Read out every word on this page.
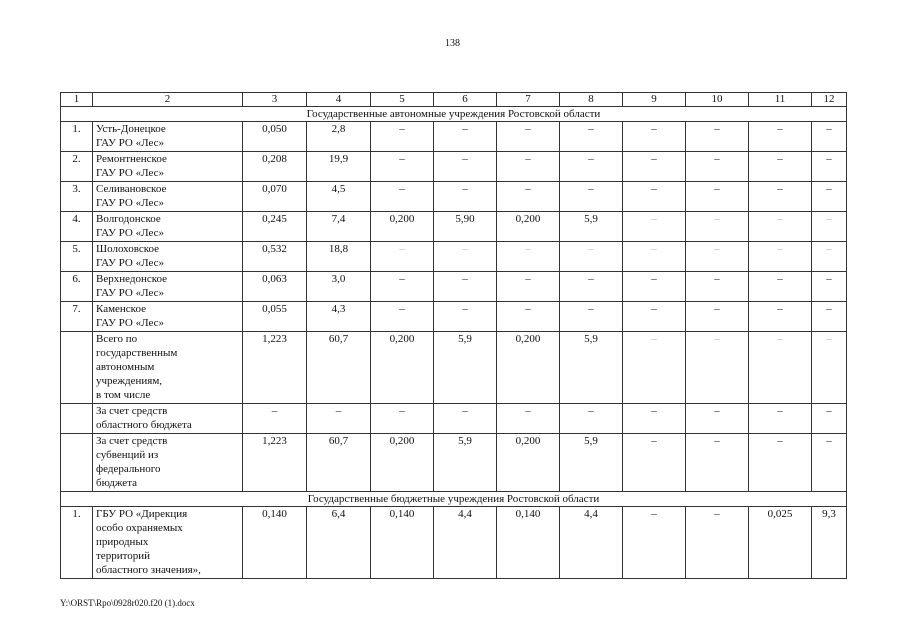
138
1	2	3	4	5	6	7	8	9	10	11	12
Государственные автономные учреждения Ростовской области											
1.	Усть-Донецкое
ГАУ РО «Лес»	0,050	2,8	–	–	–	–	–	–	–	–
2.	Ремонтненское
ГАУ РО «Лес»	0,208	19,9	–	–	–	–	–	–	–	–
3.	Селивановское
ГАУ РО «Лес»	0,070	4,5	–	–	–	–	–	–	–	–
4.	Волгодонское
ГАУ РО «Лес»	0,245	7,4	0,200	5,90	0,200	5,9	–	–	–	–
5.	Шолоховское
ГАУ РО «Лес»	0,532	18,8	–	–	–	–	–	–	–	–
6.	Верхнедонское
ГАУ РО «Лес»	0,063	3,0	–	–	–	–	–	–	–	–
7.	Каменское
ГАУ РО «Лес»	0,055	4,3	–	–	–	–	–	–	–	–

	Всего по
государственным
автономным
учреждениям,
в том числе	1,223	60,7	0,200	5,9	0,200	5,9	–	–	–	–

	За счет средств
областного бюджета	–	–	–	–	–	–	–	–	–	–

	За счет средств
субвенций из
федерального
бюджета	1,223	60,7	0,200	5,9	0,200	5,9	–	–	–	–
Государственные бюджетные учреждения Ростовской области											
1.	ГБУ РО «Дирекция
особо охраняемых
природных
территорий
областного значения»,	0,140	6,4	0,140	4,4	0,140	4,4	–	–	0,025	9,3
Y:\ORST\Rpo\0928r020.f20 (1).docx
